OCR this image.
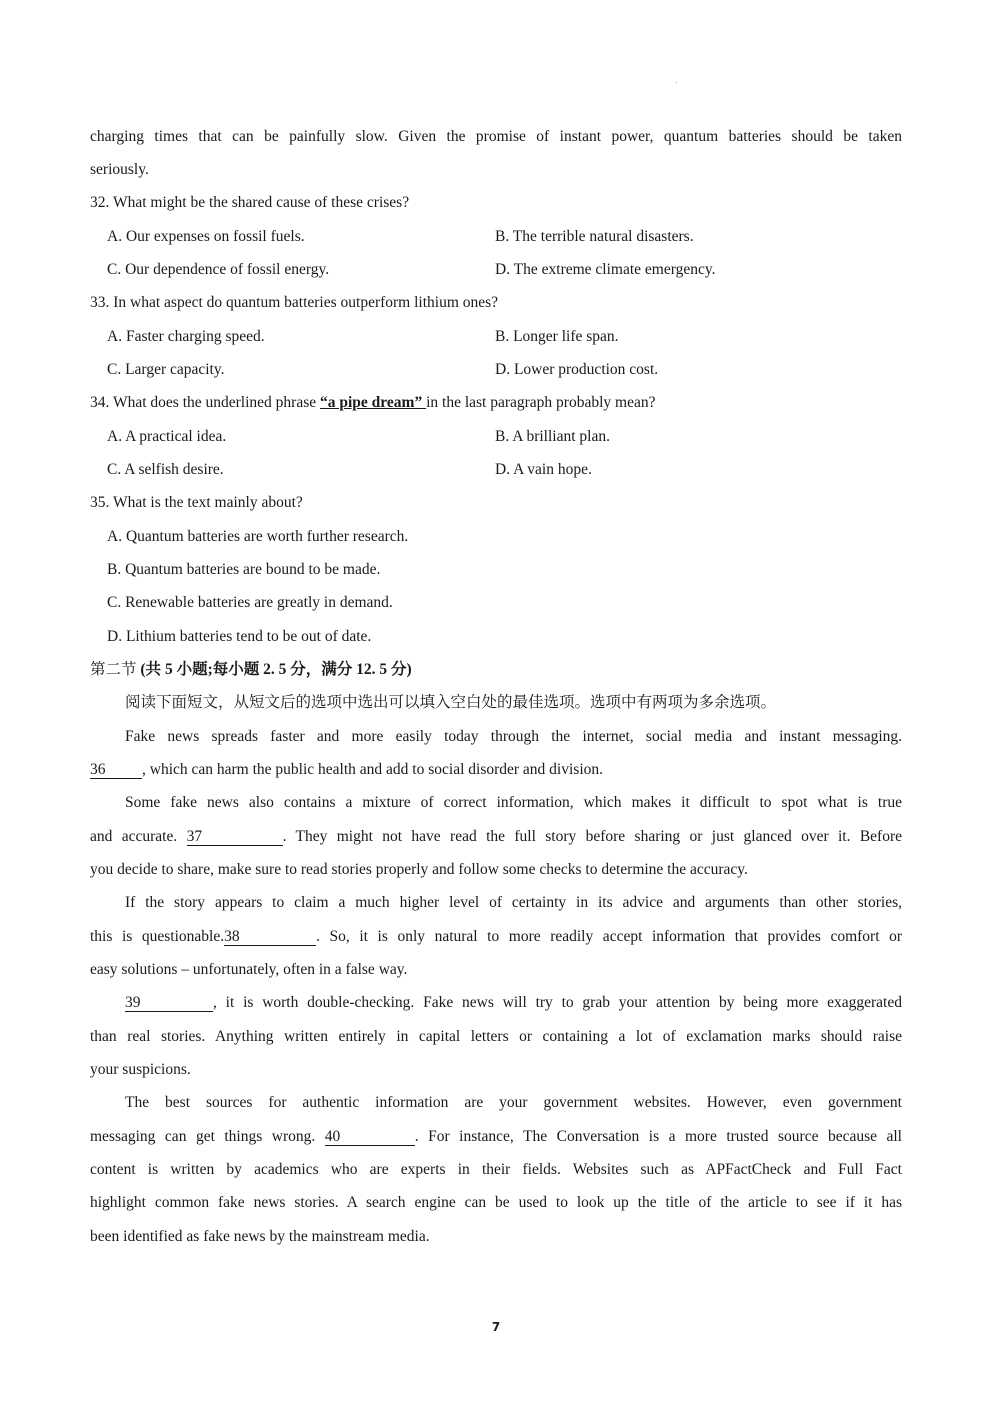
charging times that can be painfully slow. Given the promise of instant power, quantum batteries should be taken
seriously.
32. What might be the shared cause of these crises?
A. Our expenses on fossil fuels.	B. The terrible natural disasters.
C. Our dependence of fossil energy.	D. The extreme climate emergency.
33. In what aspect do quantum batteries outperform lithium ones?
A. Faster charging speed.	B. Longer life span.
C. Larger capacity.	D. Lower production cost.
34. What does the underlined phrase “a pipe dream” in the last paragraph probably mean?
A. A practical idea.	B. A brilliant plan.
C. A selfish desire.	D. A vain hope.
35. What is the text mainly about?
A. Quantum batteries are worth further research.
B. Quantum batteries are bound to be made.
C. Renewable batteries are greatly in demand.
D. Lithium batteries tend to be out of date.
第二节 (共 5 小题;每小题 2. 5 分，满分 12. 5 分)
阅读下面短文，从短文后的选项中选出可以填入空白处的最佳选项。选项中有两项为多余选项。
Fake news spreads faster and more easily today through the internet, social media and instant messaging.
36 , which can harm the public health and add to social disorder and division.
Some fake news also contains a mixture of correct information, which makes it difficult to spot what is true
and accurate. 37	. They might not have read the full story before sharing or just glanced over it. Before
you decide to share, make sure to read stories properly and follow some checks to determine the accuracy.
If the story appears to claim a much higher level of certainty in its advice and arguments than other stories,
this is questionable.38	. So, it is only natural to more readily accept information that provides comfort or
easy solutions – unfortunately, often in a false way.
39	, it is worth double-checking. Fake news will try to grab your attention by being more exaggerated
than real stories. Anything written entirely in capital letters or containing a lot of exclamation marks should raise
your suspicions.
The best sources for authentic information are your government websites. However, even government
messaging can get things wrong. 40	. For instance, The Conversation is a more trusted source because all
content is written by academics who are experts in their fields. Websites such as APFactCheck and Full Fact
highlight common fake news stories. A search engine can be used to look up the title of the article to see if it has
been identified as fake news by the mainstream media.
7
